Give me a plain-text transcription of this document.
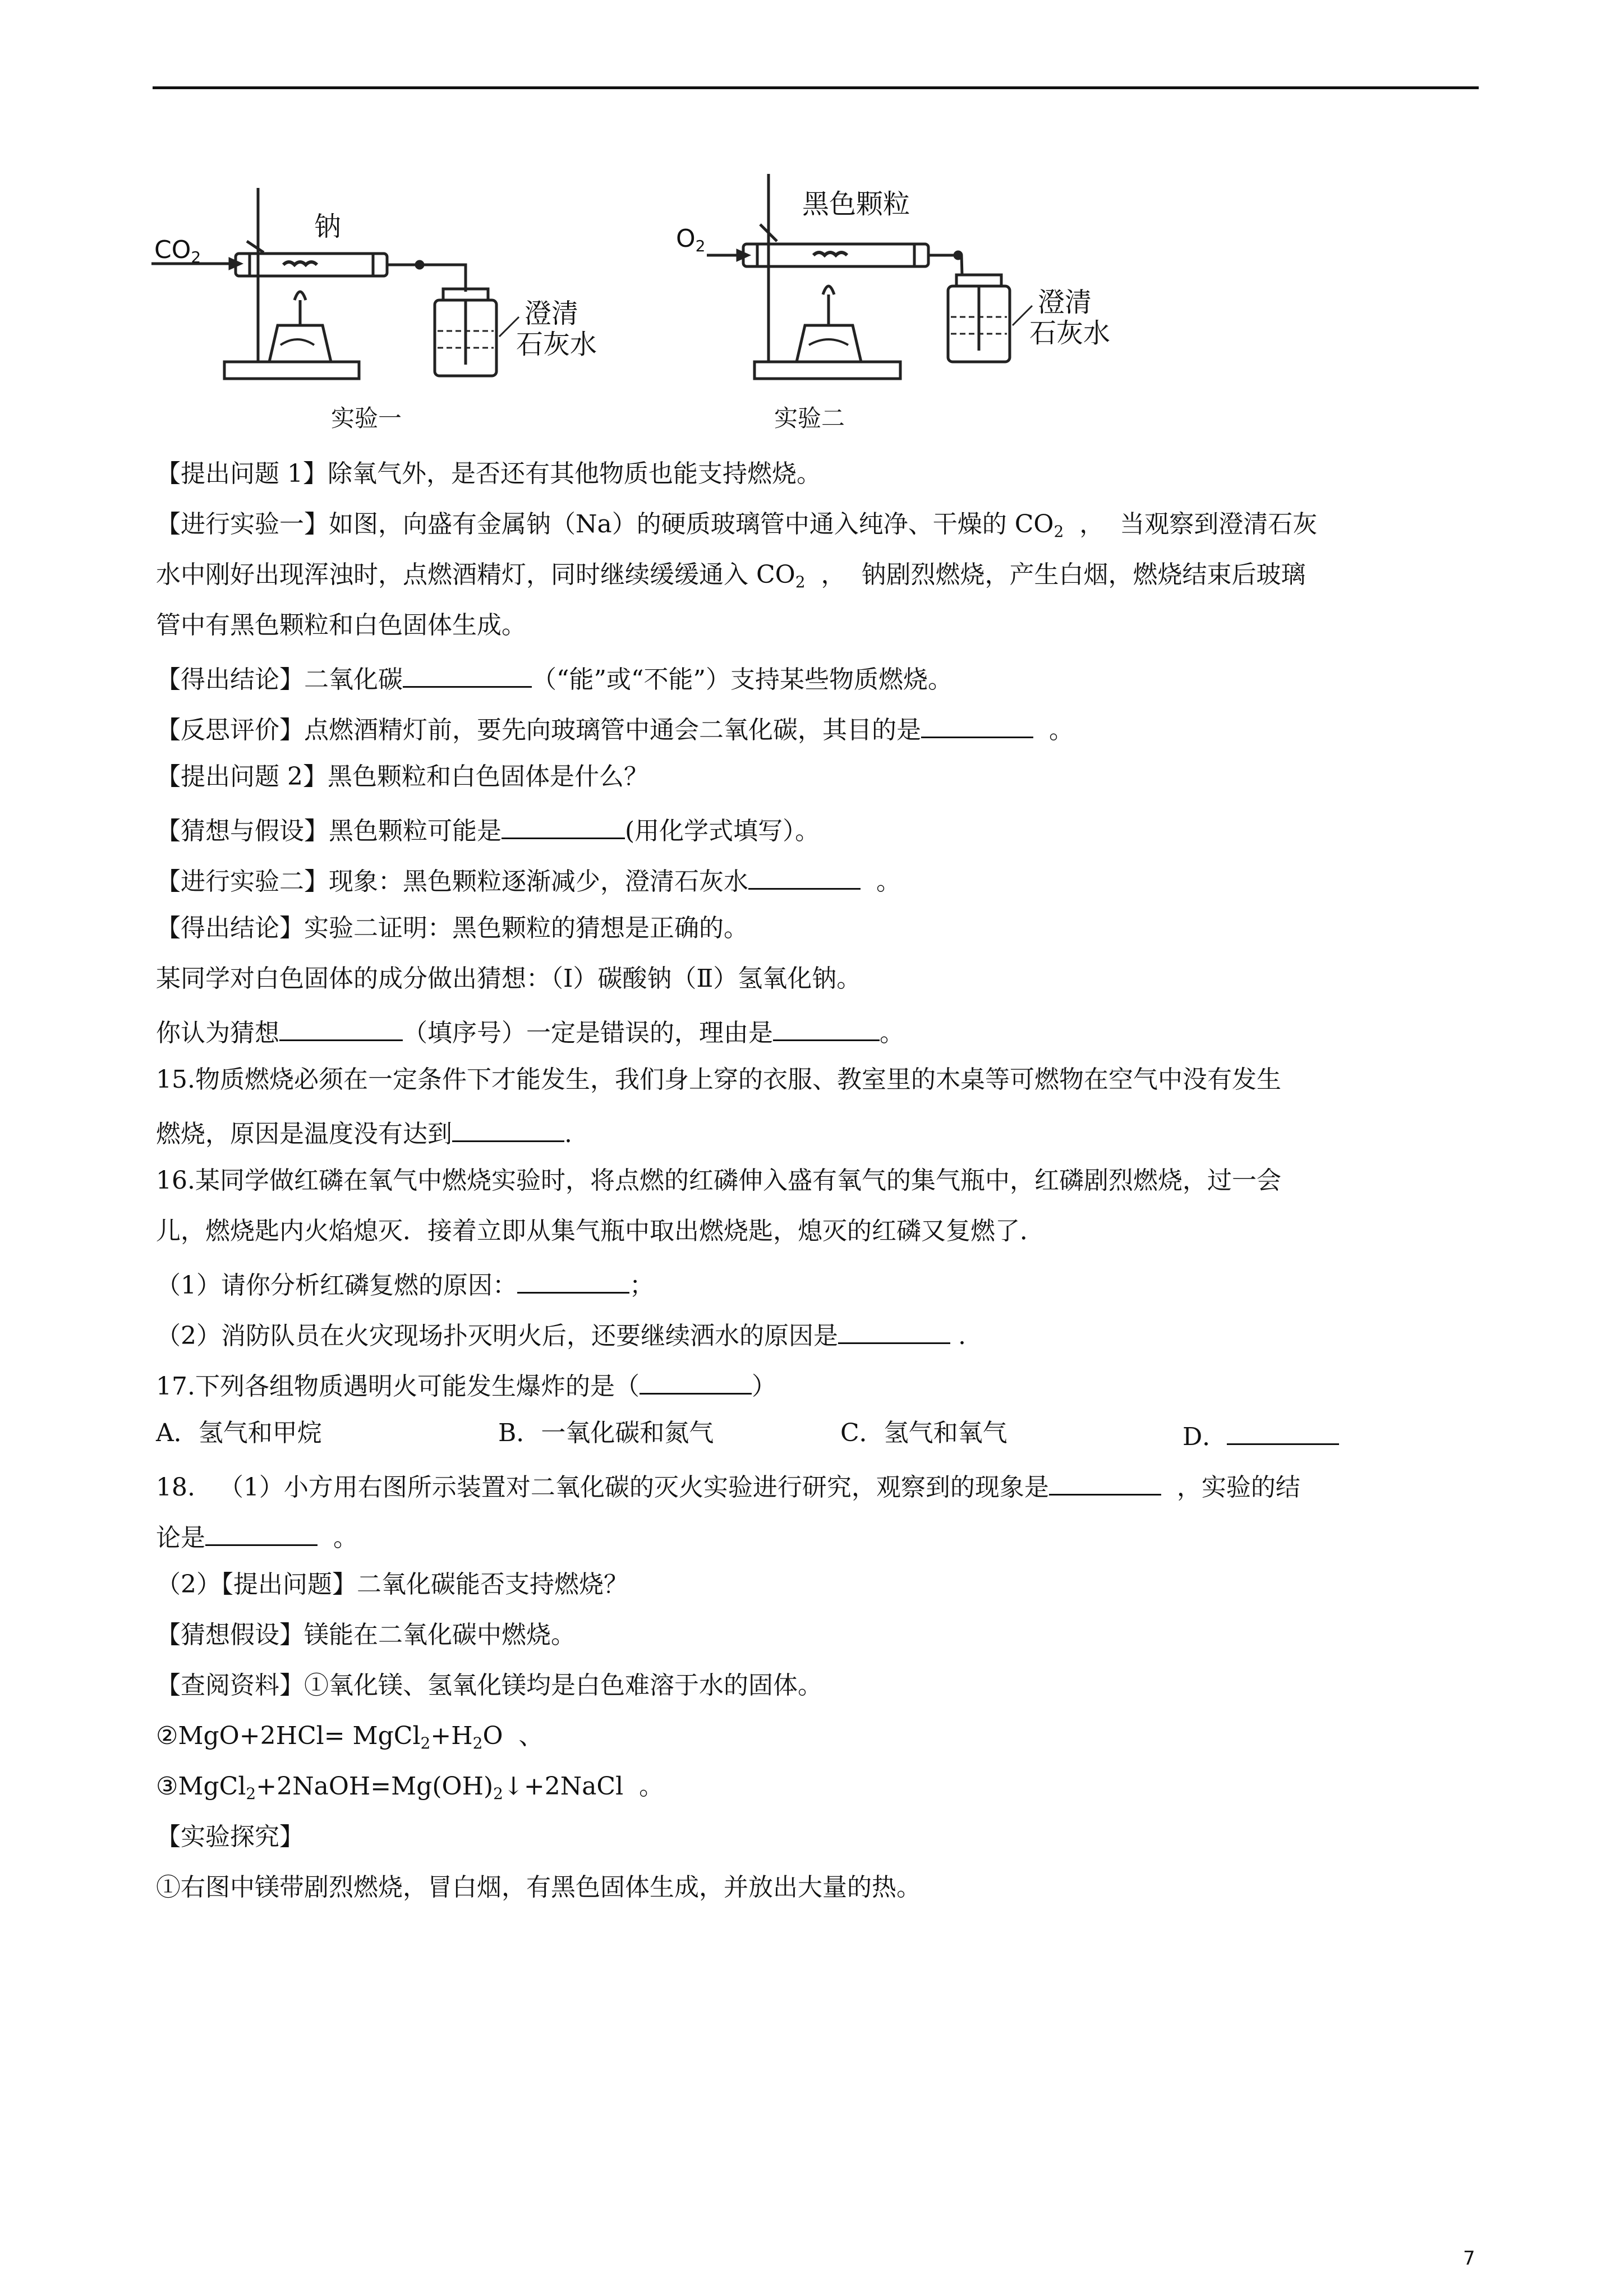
CO2
钠
澄清
石灰水
实验一
O2
黑色颗粒
实验二
澄清
石灰水
【提出问题 1】除氧气外，是否还有其他物质也能支持燃烧。
【进行实验一】如图，向盛有金属钠（Na）的硬质玻璃管中通入纯净、干燥的 $CO_2$  ，  当观察到澄清石灰
水中刚好出现浑浊时，点燃酒精灯，同时继续缓缓通入 $CO_2$  ，  钠剧烈燃烧，产生白烟，燃烧结束后玻璃
管中有黑色颗粒和白色固体生成。
【得出结论】二氧化碳	（“能”或“不能”）支持某些物质燃烧。
【反思评价】点燃酒精灯前，要先向玻璃管中通会二氧化碳，其目的是	。
【提出问题 2】黑色颗粒和白色固体是什么？
【猜想与假设】黑色颗粒可能是	(用化学式填写）。
【进行实验二】现象：黑色颗粒逐渐减少，澄清石灰水	。
【得出结论】实验二证明：黑色颗粒的猜想是正确的。
某同学对白色固体的成分做出猜想：（Ⅰ）碳酸钠（Ⅱ）氢氧化钠。
你认为猜想	（填序号）一定是错误的，理由是	。
15.物质燃烧必须在一定条件下才能发生，我们身上穿的衣服、教室里的木桌等可燃物在空气中没有发生
燃烧，原因是温度没有达到	.
16.某同学做红磷在氧气中燃烧实验时，将点燃的红磷伸入盛有氧气的集气瓶中，红磷剧烈燃烧，过一会
儿，燃烧匙内火焰熄灭．接着立即从集气瓶中取出燃烧匙，熄灭的红磷又复燃了．
（1）请你分析红磷复燃的原因：	；
（2）消防队员在火灾现场扑灭明火后，还要继续洒水的原因是	.
17.下列各组物质遇明火可能发生爆炸的是（	）
A．氢气和甲烷	B．一氧化碳和氮气	C．氢气和氧气	D．
18.   （1）小方用右图所示装置对二氧化碳的灭火实验进行研究，观察到的现象是	，实验的结
论是	。
（2）【提出问题】二氧化碳能否支持燃烧？
【猜想假设】镁能在二氧化碳中燃烧。
【查阅资料】①氧化镁、氢氧化镁均是白色难溶于水的固体。
②MgO+2HCl= $MgCl_2+H_2O$  、
$③MgCl_2+2NaOH=Mg(OH)_2↓+2NaCl$  。
【实验探究】
①右图中镁带剧烈燃烧，冒白烟，有黑色固体生成，并放出大量的热。
7
